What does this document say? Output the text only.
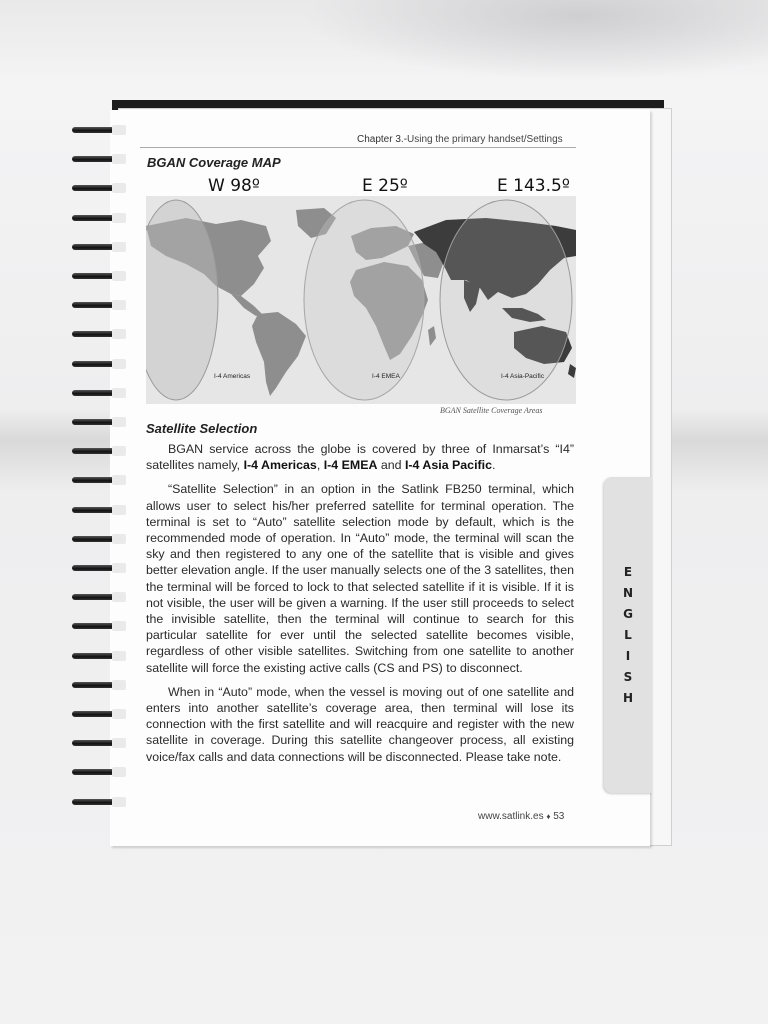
Chapter 3.-Using the primary handset/Settings
BGAN Coverage MAP
W 98º	E 25º	E 143.5º
I-4 Americas	I-4 EMEA	I-4 Asia-Pacific
BGAN Satellite Coverage Areas
Satellite Selection

BGAN service across the globe is covered by three of Inmarsat’s “I4” satellites namely, I-4 Americas, I-4 EMEA and I-4 Asia Pacific.

“Satellite Selection” in an option in the Satlink FB250 terminal, which allows user to select his/her preferred satellite for terminal operation. The terminal is set to “Auto” satellite selection mode by default, which is the recommended mode of operation. In “Auto” mode, the terminal will scan the sky and then registered to any one of the satellite that is visible and gives better elevation angle. If the user manually selects one of the 3 satellites, then the terminal will be forced to lock to that selected satellite if it is visible. If it is not visible, the user will be given a warning. If the user still proceeds to select the invisible satellite, then the terminal will continue to search for this particular satellite for ever until the selected satellite becomes visible, regardless of other visible satellites. Switching from one satellite to another satellite will force the existing active calls (CS and PS) to disconnect.

When in “Auto” mode, when the vessel is moving out of one satellite and enters into another satellite’s coverage area, then terminal will lose its connection with the first satellite and will reacquire and register with the new satellite in coverage. During this satellite changeover process, all existing voice/fax calls and data connections will be disconnected. Please take note.

www.satlink.es ♦ 53
E
N
G
L
I
S
H
